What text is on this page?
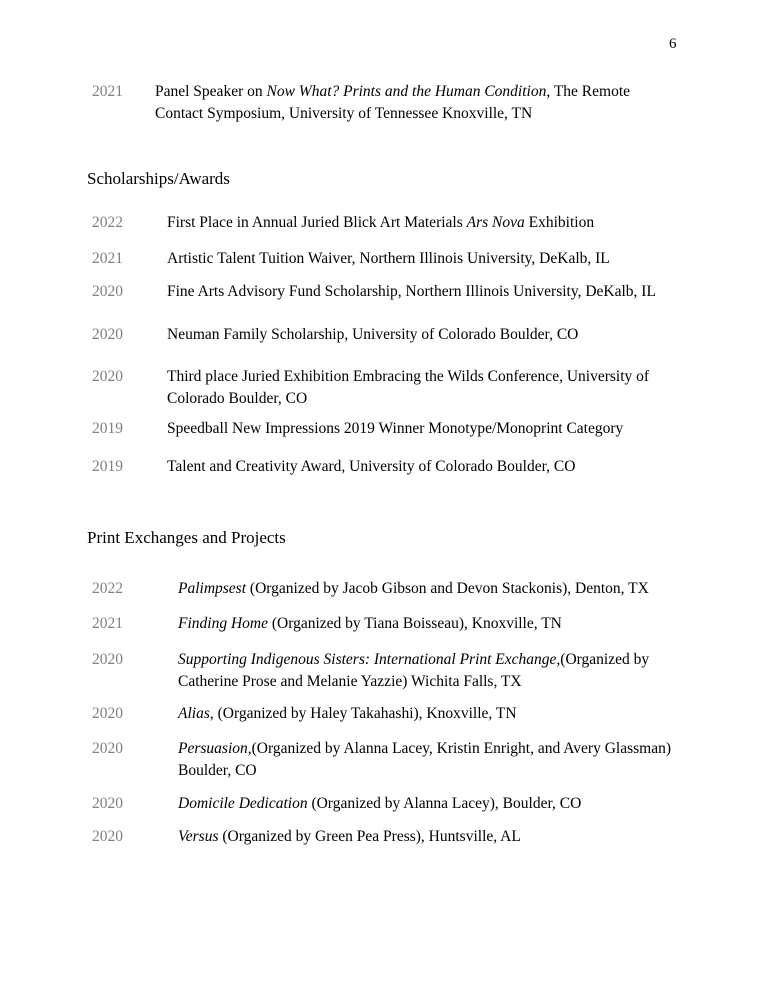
6
2021 Panel Speaker on Now What? Prints and the Human Condition, The Remote Contact Symposium, University of Tennessee Knoxville, TN
Scholarships/Awards
2022	First Place in Annual Juried Blick Art Materials Ars Nova Exhibition
2021	Artistic Talent Tuition Waiver, Northern Illinois University, DeKalb, IL
2020	Fine Arts Advisory Fund Scholarship, Northern Illinois University, DeKalb, IL
2020	Neuman Family Scholarship, University of Colorado Boulder, CO
2020	Third place Juried Exhibition Embracing the Wilds Conference, University of Colorado Boulder, CO
2019	Speedball New Impressions 2019 Winner Monotype/Monoprint Category
2019	Talent and Creativity Award, University of Colorado Boulder, CO
Print Exchanges and Projects
2022	Palimpsest (Organized by Jacob Gibson and Devon Stackonis), Denton, TX
2021	Finding Home (Organized by Tiana Boisseau), Knoxville, TN
2020	Supporting Indigenous Sisters: International Print Exchange,(Organized by Catherine Prose and Melanie Yazzie) Wichita Falls, TX
2020	Alias, (Organized by Haley Takahashi), Knoxville, TN
2020	Persuasion,(Organized by Alanna Lacey, Kristin Enright, and Avery Glassman) Boulder, CO
2020	Domicile Dedication (Organized by Alanna Lacey), Boulder, CO
2020	Versus (Organized by Green Pea Press), Huntsville, AL
